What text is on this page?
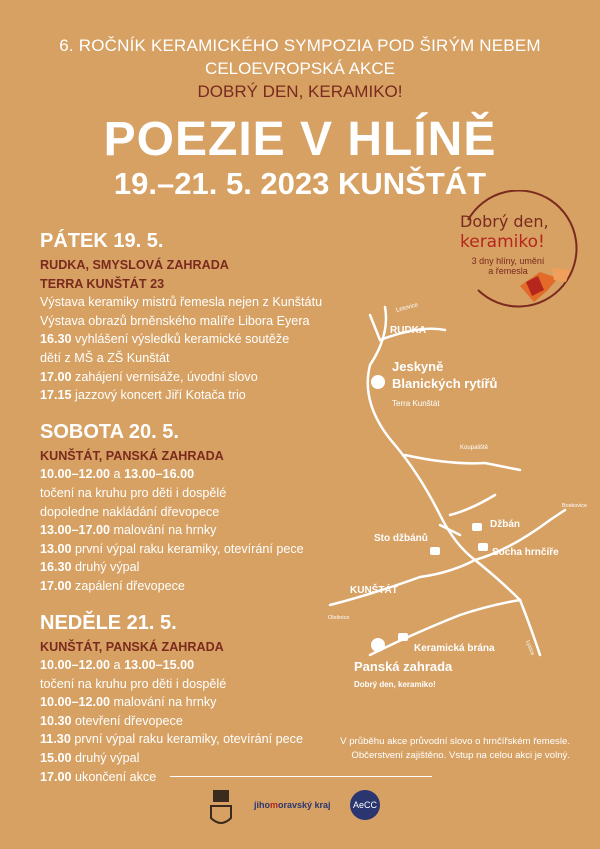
6. ROČNÍK KERAMICKÉHO SYMPOZIA POD ŠIRÝM NEBEM
CELOEVROPSKÁ AKCE
DOBRÝ DEN, KERAMIKO!
POEZIE V HLÍNĚ
19.–21. 5. 2023 KUNŠTÁT
PÁTEK 19. 5.
RUDKA, SMYSLOVÁ ZAHRADA
TERRA KUNŠTÁT 23
Výstava keramiky mistrů řemesla nejen z Kunštátu
Výstava obrazů brněnského malíře Libora Eyera
16.30 vyhlášení výsledků keramické soutěže
dětí z MŠ a ZŠ Kunštát
17.00 zahájení vernisáže, úvodní slovo
17.15 jazzový koncert Jiří Kotača trio
SOBOTA 20. 5.
KUNŠTÁT, PANSKÁ ZAHRADA
10.00–12.00 a 13.00–16.00
točení na kruhu pro děti i dospělé
dopoledne nakládání dřevopece
13.00–17.00 malování na hrnky
13.00 první výpal raku keramiky, otevírání pece
16.30 druhý výpal
17.00 zapálení dřevopece
NEDĚLE 21. 5.
KUNŠTÁT, PANSKÁ ZAHRADA
10.00–12.00 a 13.00–15.00
točení na kruhu pro děti i dospělé
10.00–12.00 malování na hrnky
10.30 otevření dřevopece
11.30 první výpal raku keramiky, otevírání pece
15.00 druhý výpal
17.00 ukončení akce
Dobrý den,
keramiko!
3 dny hlíny, umění a řemesla
Letovice
RUDKA
Jeskyně
Blanických rytířů
Terra Kunštát
Koupaliště
Džbán
Sto džbánů
Socha hrnčíře
Boskovice
KUNŠTÁT
Olešnice
Keramická brána
Panská zahrada
Dobrý den, keramiko!
Lysice
V průběhu akce průvodní slovo o hrnčířském řemesle.
Občerstvení zajištěno. Vstup na celou akci je volný.
jihomoravský kraj	AeCC
